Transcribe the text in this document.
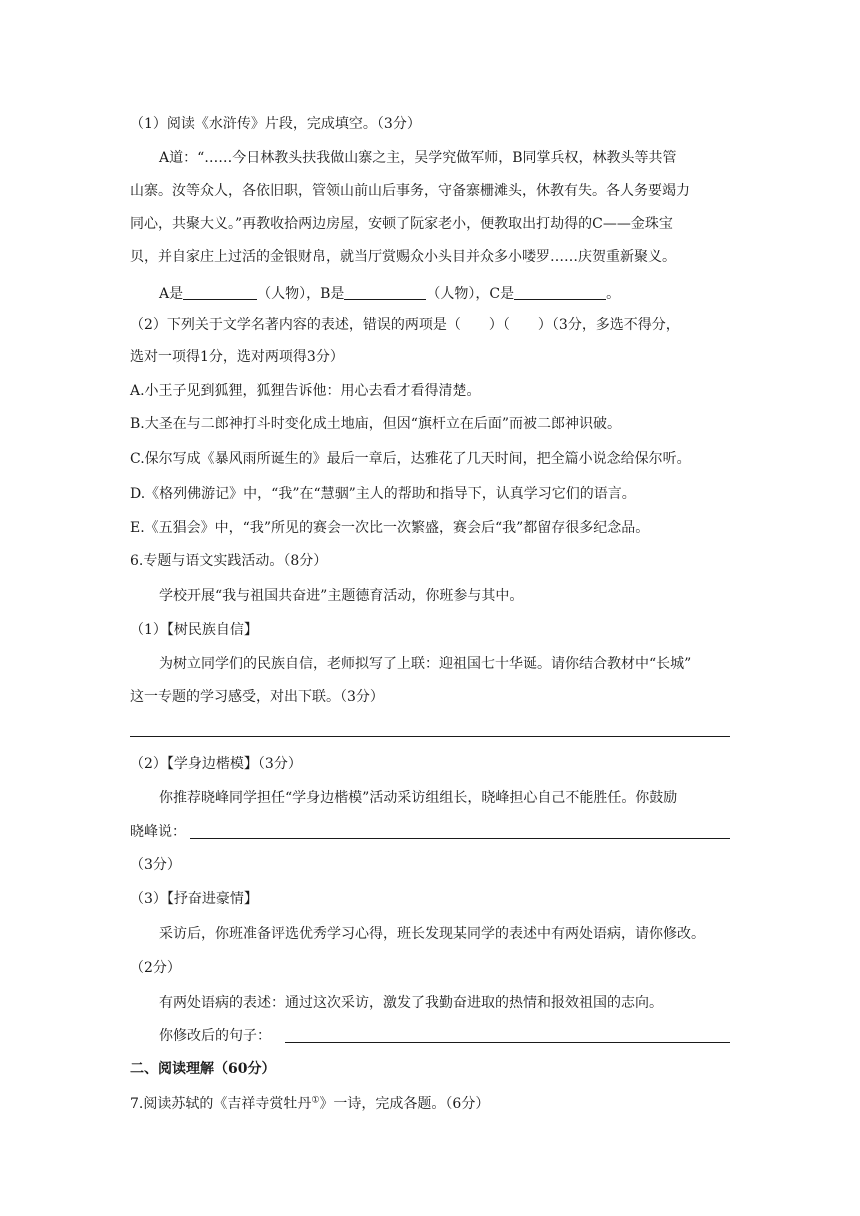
（1）阅读《水浒传》片段，完成填空。（3分）
A道：“……今日林教头扶我做山寨之主，吴学究做军师，B同掌兵权，林教头等共管
山寨。汝等众人，各依旧职，管领山前山后事务，守备寨栅滩头，休教有失。各人务要竭力
同心，共聚大义。”再教收拾两边房屋，安顿了阮家老小，便教取出打劫得的C——金珠宝
贝，并自家庄上过活的金银财帛，就当厅赏赐众小头目并众多小喽罗……庆贺重新聚义。
A是	（人物），B是	（人物），C是	。
（2）下列关于文学名著内容的表述，错误的两项是（　　）（　　）（3分，多选不得分，
选对一项得1分，选对两项得3分）
A.小王子见到狐狸，狐狸告诉他：用心去看才看得清楚。
B.大圣在与二郎神打斗时变化成土地庙，但因“旗杆立在后面”而被二郎神识破。
C.保尔写成《暴风雨所诞生的》最后一章后，达雅花了几天时间，把全篇小说念给保尔听。
D.《格列佛游记》中，“我”在“慧骃”主人的帮助和指导下，认真学习它们的语言。
E.《五猖会》中，“我”所见的赛会一次比一次繁盛，赛会后“我”都留存很多纪念品。
6.专题与语文实践活动。（8分）
学校开展“我与祖国共奋进”主题德育活动，你班参与其中。
（1）【树民族自信】
为树立同学们的民族自信，老师拟写了上联：迎祖国七十华诞。请你结合教材中“长城”
这一专题的学习感受，对出下联。（3分）
（2）【学身边楷模】（3分）
你推荐晓峰同学担任“学身边楷模”活动采访组组长，晓峰担心自己不能胜任。你鼓励
晓峰说：
（3分）
（3）【抒奋进豪情】
采访后，你班准备评选优秀学习心得，班长发现某同学的表述中有两处语病，请你修改。
（2分）
有两处语病的表述：通过这次采访，激发了我勤奋进取的热情和报效祖国的志向。
你修改后的句子：
二、阅读理解（60分）
7.阅读苏轼的《吉祥寺赏牡丹①》一诗，完成各题。（6分）
